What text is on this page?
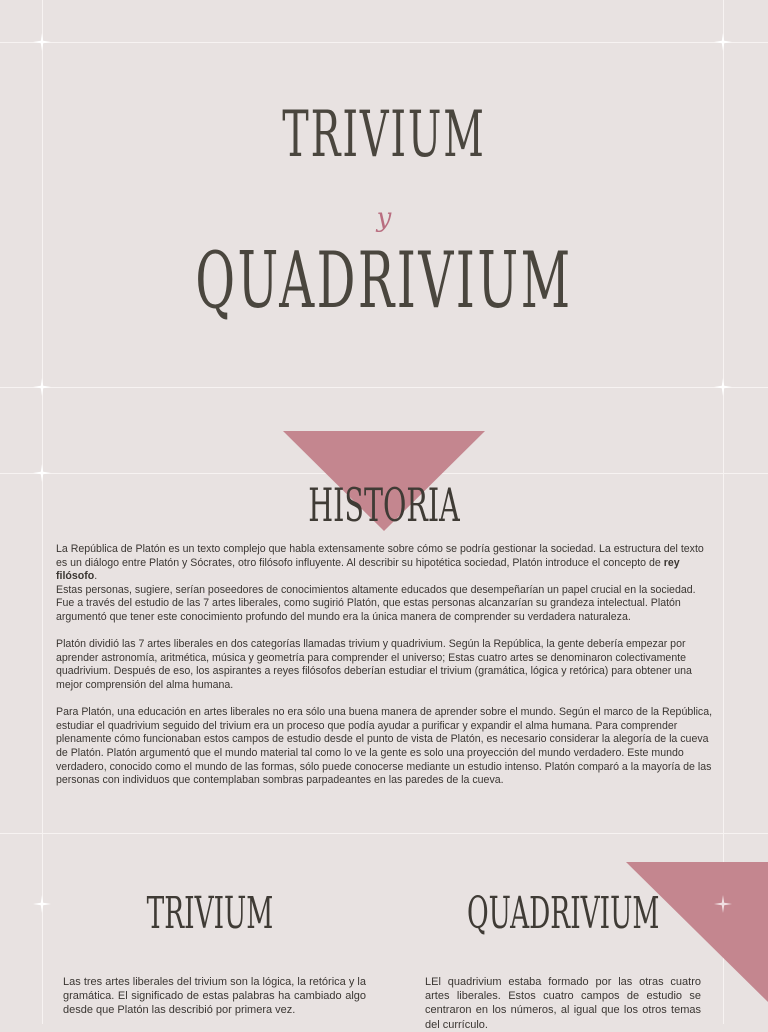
TRIVIUM
y
QUADRIVIUM
HISTORIA

La República de Platón es un texto complejo que habla extensamente sobre cómo se podría gestionar la sociedad. La estructura del texto es un diálogo entre Platón y Sócrates, otro filósofo influyente. Al describir su hipotética sociedad, Platón introduce el concepto de rey filósofo.
Estas personas, sugiere, serían poseedores de conocimientos altamente educados que desempeñarían un papel crucial en la sociedad. Fue a través del estudio de las 7 artes liberales, como sugirió Platón, que estas personas alcanzarían su grandeza intelectual. Platón argumentó que tener este conocimiento profundo del mundo era la única manera de comprender su verdadera naturaleza.

Platón dividió las 7 artes liberales en dos categorías llamadas trivium y quadrivium. Según la República, la gente debería empezar por aprender astronomía, aritmética, música y geometría para comprender el universo; Estas cuatro artes se denominaron colectivamente quadrivium. Después de eso, los aspirantes a reyes filósofos deberían estudiar el trivium (gramática, lógica y retórica) para obtener una mejor comprensión del alma humana.

Para Platón, una educación en artes liberales no era sólo una buena manera de aprender sobre el mundo. Según el marco de la República, estudiar el quadrivium seguido del trivium era un proceso que podía ayudar a purificar y expandir el alma humana. Para comprender plenamente cómo funcionaban estos campos de estudio desde el punto de vista de Platón, es necesario considerar la alegoría de la cueva de Platón. Platón argumentó que el mundo material tal como lo ve la gente es solo una proyección del mundo verdadero. Este mundo verdadero, conocido como el mundo de las formas, sólo puede conocerse mediante un estudio intenso. Platón comparó a la mayoría de las personas con individuos que contemplaban sombras parpadeantes en las paredes de la cueva.

TRIVIUM	QUADRIVIUM
Las tres artes liberales del trivium son la lógica, la retórica y la gramática. El significado de estas palabras ha cambiado algo desde que Platón las describió por primera vez.
LEl quadrivium estaba formado por las otras cuatro artes liberales. Estos cuatro campos de estudio se centraron en los números, al igual que los otros temas del currículo.
